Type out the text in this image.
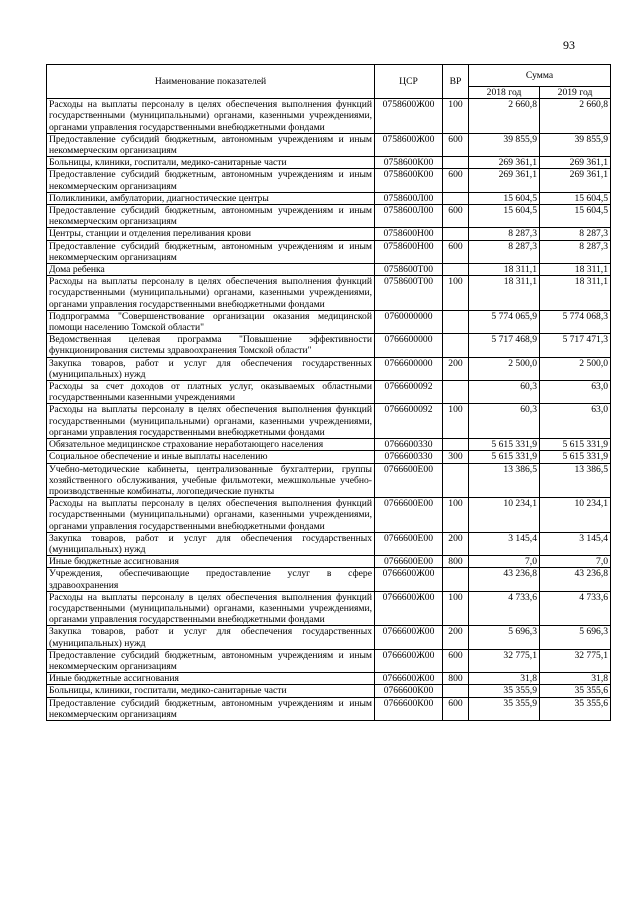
93
Наименование показателей	ЦСР	ВР	Сумма	
			2018 год	2019 год
Расходы на выплаты персоналу в целях обеспечения выполнения функций государственными (муниципальными) органами, казенными учреждениями, органами управления государственными внебюджетными фондами	0758600Ж00	100	2 660,8	2 660,8
Предоставление субсидий бюджетным, автономным учреждениям и иным некоммерческим организациям	0758600Ж00	600	39 855,9	39 855,9
Больницы, клиники, госпитали, медико-санитарные части	0758600К00		269 361,1	269 361,1
Предоставление субсидий бюджетным, автономным учреждениям и иным некоммерческим организациям	0758600К00	600	269 361,1	269 361,1
Поликлиники, амбулатории, диагностические центры	0758600Л00		15 604,5	15 604,5
Предоставление субсидий бюджетным, автономным учреждениям и иным некоммерческим организациям	0758600Л00	600	15 604,5	15 604,5
Центры, станции и отделения переливания крови	0758600Н00		8 287,3	8 287,3
Предоставление субсидий бюджетным, автономным учреждениям и иным некоммерческим организациям	0758600Н00	600	8 287,3	8 287,3
Дома ребенка	0758600Т00		18 311,1	18 311,1
Расходы на выплаты персоналу в целях обеспечения выполнения функций государственными (муниципальными) органами, казенными учреждениями, органами управления государственными внебюджетными фондами	0758600Т00	100	18 311,1	18 311,1
Подпрограмма "Совершенствование организации оказания медицинской помощи населению Томской области"	0760000000		5 774 065,9	5 774 068,3
Ведомственная целевая программа "Повышение эффективности функционирования системы здравоохранения Томской области"	0766600000		5 717 468,9	5 717 471,3
Закупка товаров, работ и услуг для обеспечения государственных (муниципальных) нужд	0766600000	200	2 500,0	2 500,0
Расходы за счет доходов от платных услуг, оказываемых областными государственными казенными учреждениями	0766600092		60,3	63,0
Расходы на выплаты персоналу в целях обеспечения выполнения функций государственными (муниципальными) органами, казенными учреждениями, органами управления государственными внебюджетными фондами	0766600092	100	60,3	63,0
Обязательное медицинское страхование неработающего населения	0766600330		5 615 331,9	5 615 331,9
Социальное обеспечение и иные выплаты населению	0766600330	300	5 615 331,9	5 615 331,9
Учебно-методические кабинеты, централизованные бухгалтерии, группы хозяйственного обслуживания, учебные фильмотеки, межшкольные учебно-производственные комбинаты, логопедические пункты	0766600Е00		13 386,5	13 386,5
Расходы на выплаты персоналу в целях обеспечения выполнения функций государственными (муниципальными) органами, казенными учреждениями, органами управления государственными внебюджетными фондами	0766600Е00	100	10 234,1	10 234,1
Закупка товаров, работ и услуг для обеспечения государственных (муниципальных) нужд	0766600Е00	200	3 145,4	3 145,4
Иные бюджетные ассигнования	0766600Е00	800	7,0	7,0
Учреждения, обеспечивающие предоставление услуг в сфере здравоохранения	0766600Ж00		43 236,8	43 236,8
Расходы на выплаты персоналу в целях обеспечения выполнения функций государственными (муниципальными) органами, казенными учреждениями, органами управления государственными внебюджетными фондами	0766600Ж00	100	4 733,6	4 733,6
Закупка товаров, работ и услуг для обеспечения государственных (муниципальных) нужд	0766600Ж00	200	5 696,3	5 696,3
Предоставление субсидий бюджетным, автономным учреждениям и иным некоммерческим организациям	0766600Ж00	600	32 775,1	32 775,1
Иные бюджетные ассигнования	0766600Ж00	800	31,8	31,8
Больницы, клиники, госпитали, медико-санитарные части	0766600К00		35 355,9	35 355,6
Предоставление субсидий бюджетным, автономным учреждениям и иным некоммерческим организациям	0766600К00	600	35 355,9	35 355,6
